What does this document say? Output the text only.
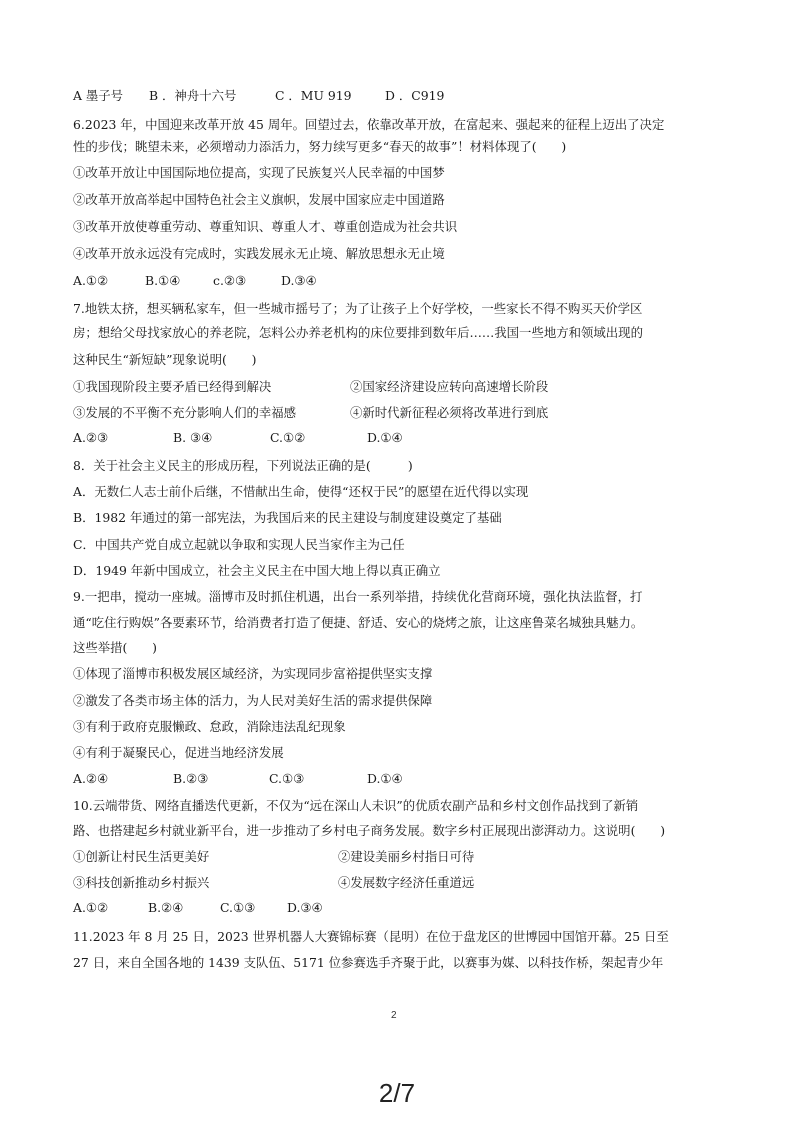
A 墨子号 B ．神舟十六号	C ．MU 919	D ．C919
6.2023 年，中国迎来改革开放 45 周年。回望过去，依靠改革开放，在富起来、强起来的征程上迈出了决定
性的步伐；眺望未来，必须增动力添活力，努力续写更多“春天的故事”！材料体现了(　　)
①改革开放让中国国际地位提高，实现了民族复兴人民幸福的中国梦
②改革开放高举起中国特色社会主义旗帜，发展中国家应走中国道路
③改革开放使尊重劳动、尊重知识、尊重人才、尊重创造成为社会共识
④改革开放永远没有完成时，实践发展永无止境、解放思想永无止境
A.①②	B.①④	c.②③	D.③④
7.地铁太挤，想买辆私家车，但一些城市摇号了；为了让孩子上个好学校，一些家长不得不购买天价学区
房；想给父母找家放心的养老院，怎料公办养老机构的床位要排到数年后……我国一些地方和领域出现的
这种民生“新短缺”现象说明(　　)
①我国现阶段主要矛盾已经得到解决	②国家经济建设应转向高速增长阶段
③发展的不平衡不充分影响人们的幸福感	④新时代新征程必须将改革进行到底
A.②③	B. ③④	C.①②	D.①④
8．关于社会主义民主的形成历程，下列说法正确的是(　　　)
A．无数仁人志士前仆后继，不惜献出生命，使得“还权于民”的愿望在近代得以实现
B．1982 年通过的第一部宪法，为我国后来的民主建设与制度建设奠定了基础
C．中国共产党自成立起就以争取和实现人民当家作主为己任
D．1949 年新中国成立，社会主义民主在中国大地上得以真正确立
9.一把串，搅动一座城。淄博市及时抓住机遇，出台一系列举措，持续优化营商环境，强化执法监督，打
通“吃住行购娱”各要素环节，给消费者打造了便捷、舒适、安心的烧烤之旅，让这座鲁菜名城独具魅力。
这些举措(　　)
①体现了淄博市积极发展区域经济，为实现同步富裕提供坚实支撑
②激发了各类市场主体的活力，为人民对美好生活的需求提供保障
③有利于政府克服懒政、怠政，消除违法乱纪现象
④有利于凝聚民心，促进当地经济发展
A.②④	B.②③	C.①③	D.①④
10.云端带货、网络直播迭代更新，不仅为“远在深山人未识”的优质农副产品和乡村文创作品找到了新销
路、也搭建起乡村就业新平台，进一步推动了乡村电子商务发展。数字乡村正展现出澎湃动力。这说明(　　)
①创新让村民生活更美好	②建设美丽乡村指日可待
③科技创新推动乡村振兴	④发展数字经济任重道远
A.①②	B.②④	C.①③	D.③④
11.2023 年 8 月 25 日，2023 世界机器人大赛锦标赛（昆明）在位于盘龙区的世博园中国馆开幕。25 日至
27 日，来自全国各地的 1439 支队伍、5171 位参赛选手齐聚于此，以赛事为媒、以科技作桥，架起青少年
2
2/7
